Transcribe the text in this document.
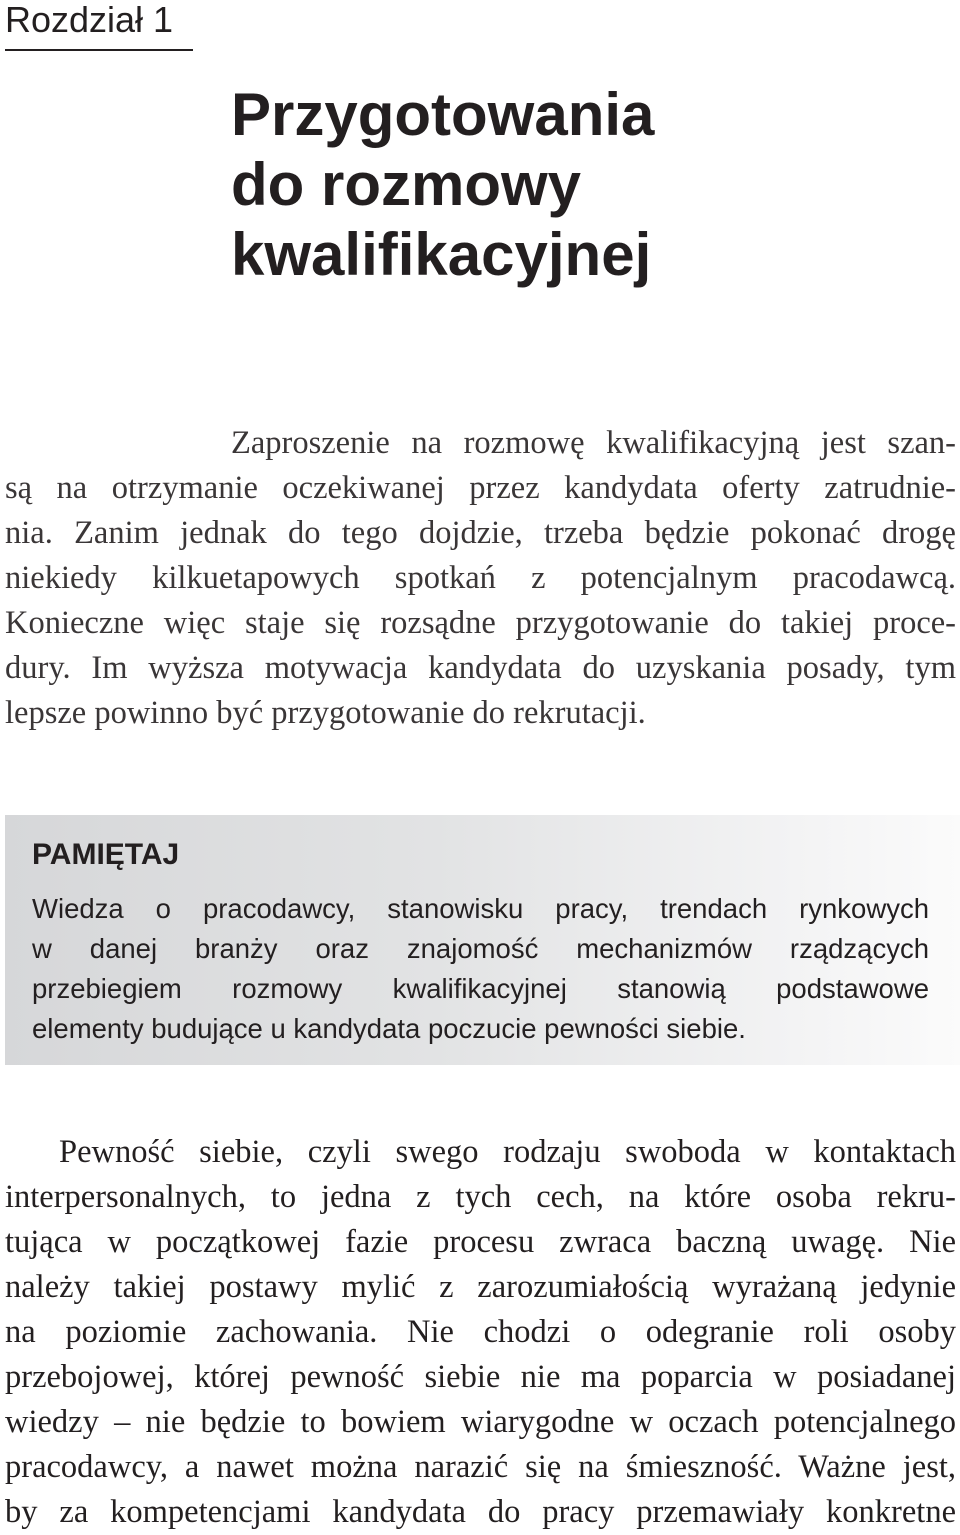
Rozdział 1
Przygotowania
do rozmowy
kwalifikacyjnej
Zaproszenie na rozmowę kwalifikacyjną jest szan-
są na otrzymanie oczekiwanej przez kandydata oferty zatrudnie-
nia. Zanim jednak do tego dojdzie, trzeba będzie pokonać drogę
niekiedy kilkuetapowych spotkań z potencjalnym pracodawcą.
Konieczne więc staje się rozsądne przygotowanie do takiej proce-
dury. Im wyższa motywacja kandydata do uzyskania posady, tym
lepsze powinno być przygotowanie do rekrutacji.
PAMIĘTAJ
Wiedza o pracodawcy, stanowisku pracy, trendach rynkowych
w danej branży oraz znajomość mechanizmów rządzących
przebiegiem rozmowy kwalifikacyjnej stanowią podstawowe
elementy budujące u kandydata poczucie pewności siebie.
Pewność siebie, czyli swego rodzaju swoboda w kontaktach
interpersonalnych, to jedna z tych cech, na które osoba rekru-
tująca w początkowej fazie procesu zwraca baczną uwagę. Nie
należy takiej postawy mylić z zarozumiałością wyrażaną jedynie
na poziomie zachowania. Nie chodzi o odegranie roli osoby
przebojowej, której pewność siebie nie ma poparcia w posiadanej
wiedzy – nie będzie to bowiem wiarygodne w oczach potencjalnego
pracodawcy, a nawet można narazić się na śmieszność. Ważne jest,
by za kompetencjami kandydata do pracy przemawiały konkretne
